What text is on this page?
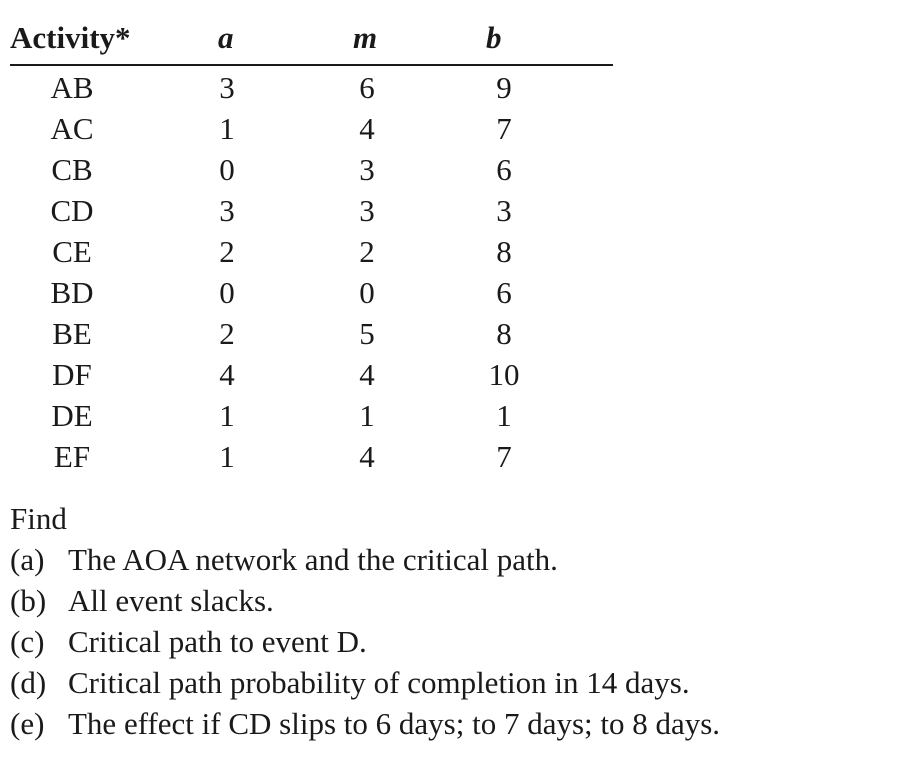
Activity*	a	m	b
AB	3	6	9
AC	1	4	7
CB	0	3	6
CD	3	3	3
CE	2	2	8
BD	0	0	6
BE	2	5	8
DF	4	4	10
DE	1	1	1
EF	1	4	7
Find
(a) The AOA network and the critical path.
(b) All event slacks.
(c) Critical path to event D.
(d) Critical path probability of completion in 14 days.
(e) The effect if CD slips to 6 days; to 7 days; to 8 days.
